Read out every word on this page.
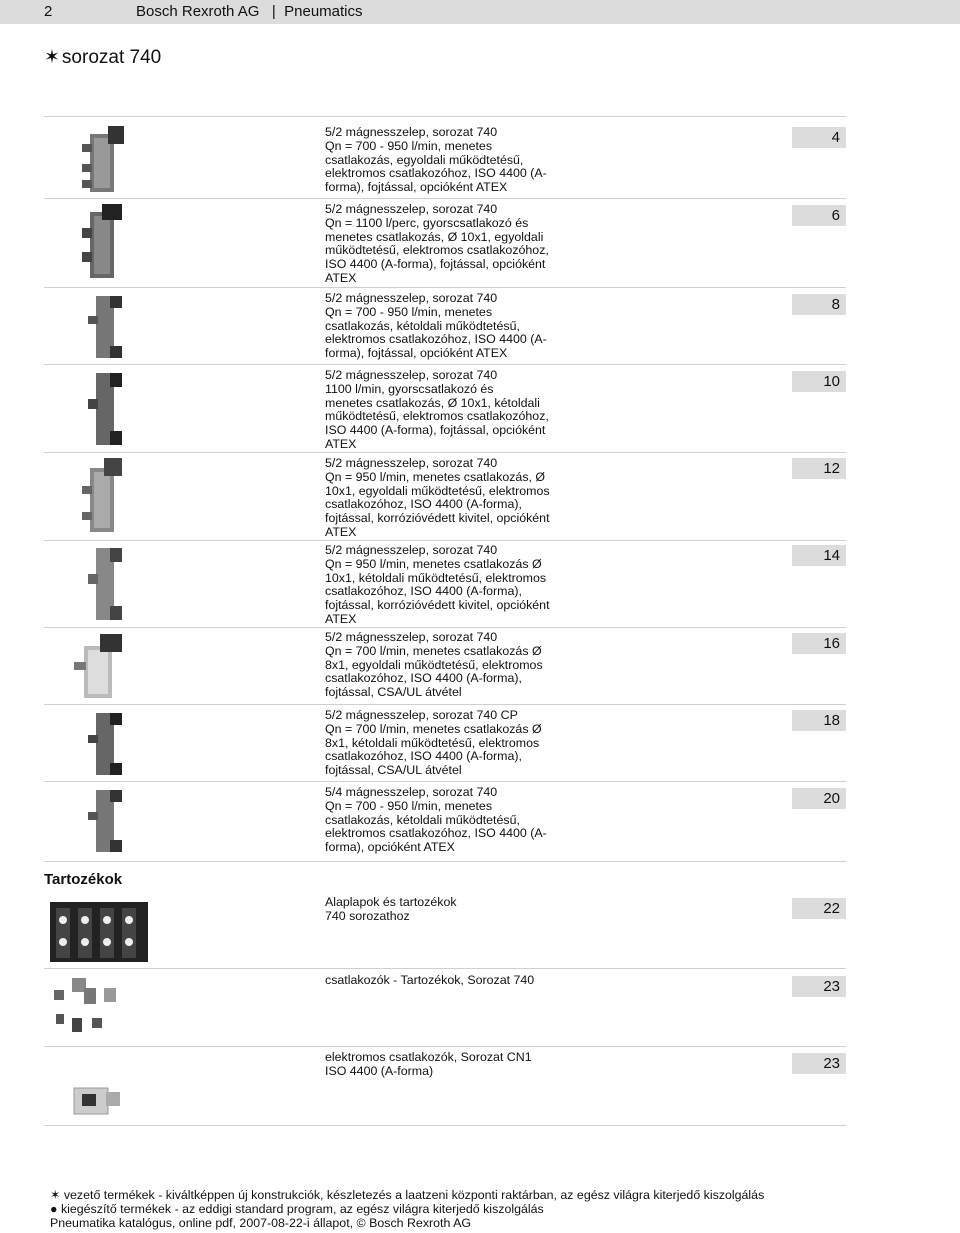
2	Bosch Rexroth AG   |  Pneumatics
✶ sorozat 740
5/2 mágnesszelep, sorozat 740
Qn = 700 - 950 l/min, menetes
csatlakozás, egyoldali működtetésű,
elektromos csatlakozóhoz, ISO 4400 (A-
forma), fojtással, opcióként ATEX
4
5/2 mágnesszelep, sorozat 740
Qn = 1100 l/perc, gyorscsatlakozó és
menetes csatlakozás, Ø 10x1, egyoldali
működtetésű, elektromos csatlakozóhoz,
ISO 4400 (A-forma), fojtással, opcióként
ATEX
6
5/2 mágnesszelep, sorozat 740
Qn = 700 - 950 l/min, menetes
csatlakozás, kétoldali működtetésű,
elektromos csatlakozóhoz, ISO 4400 (A-
forma), fojtással, opcióként ATEX
8
5/2 mágnesszelep, sorozat 740
1100 l/min, gyorscsatlakozó és
menetes csatlakozás, Ø 10x1, kétoldali
működtetésű, elektromos csatlakozóhoz,
ISO 4400 (A-forma), fojtással, opcióként
ATEX
10
5/2 mágnesszelep, sorozat 740
Qn = 950 l/min, menetes csatlakozás, Ø
10x1, egyoldali működtetésű, elektromos
csatlakozóhoz, ISO 4400 (A-forma),
fojtással, korrózióvédett kivitel, opcióként
ATEX
12
5/2 mágnesszelep, sorozat 740
Qn = 950 l/min, menetes csatlakozás Ø
10x1, kétoldali működtetésű, elektromos
csatlakozóhoz, ISO 4400 (A-forma),
fojtással, korrózióvédett kivitel, opcióként
ATEX
14
5/2 mágnesszelep, sorozat 740
Qn = 700 l/min, menetes csatlakozás Ø
8x1, egyoldali működtetésű, elektromos
csatlakozóhoz, ISO 4400 (A-forma),
fojtással, CSA/UL átvétel
16
5/2 mágnesszelep, sorozat 740 CP
Qn = 700 l/min, menetes csatlakozás Ø
8x1, kétoldali működtetésű, elektromos
csatlakozóhoz, ISO 4400 (A-forma),
fojtással, CSA/UL átvétel
18
5/4 mágnesszelep, sorozat 740
Qn = 700 - 950 l/min, menetes
csatlakozás, kétoldali működtetésű,
elektromos csatlakozóhoz, ISO 4400 (A-
forma), opcióként ATEX
20
Tartozékok
Alaplapok és tartozékok
740 sorozathoz	22
csatlakozók - Tartozékok, Sorozat 740	23
elektromos csatlakozók, Sorozat CN1
ISO 4400 (A-forma)	23
✶ vezető termékek - kiváltképpen új konstrukciók, készletezés a laatzeni központi raktárban, az egész világra kiterjedő kiszolgálás
● kiegészítő termékek - az eddigi standard program, az egész világra kiterjedő kiszolgálás
Pneumatika katalógus, online pdf, 2007-08-22-i állapot, © Bosch Rexroth AG
